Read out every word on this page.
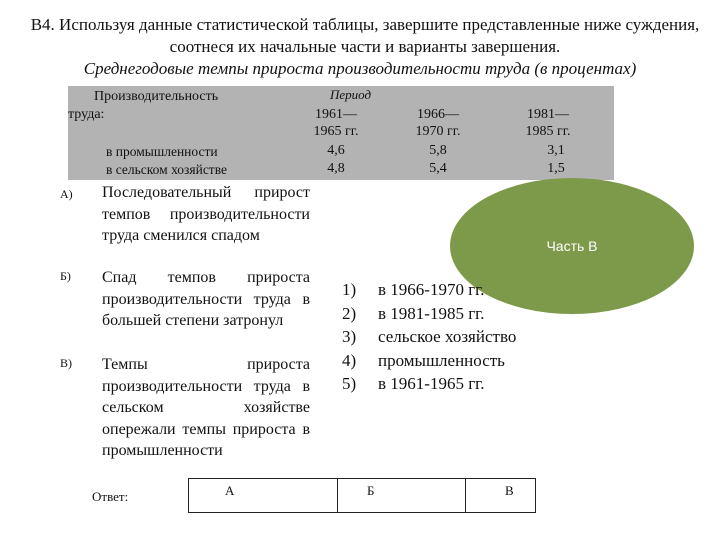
В4. Используя данные статистической таблицы, завершите представленные ниже суждения, соотнеся их начальные части и варианты завершения.
Среднегодовые темпы прироста производительности труда (в процентах)
Производительность
труда:
Период
1961—
1965 гг.
1966—
1970 гг.
1981—
1985 гг.
в промышленности	4,6	5,8	3,1
в сельском хозяйстве	4,8	5,4	1,5
А) Последовательный прирост темпов производительности труда сменился спадом
Б) Спад темпов прироста производительности труда в большей степени затронул
В) Темпы прироста производительности труда в сельском хозяйстве опережали темпы прироста в промышленности
Часть В
1)	в 1966-1970 гг.
2)	в 1981-1985 гг.
3)	сельское хозяйство
4)	промышленность
5)	в 1961-1965 гг.
Ответ:	А	Б	В
